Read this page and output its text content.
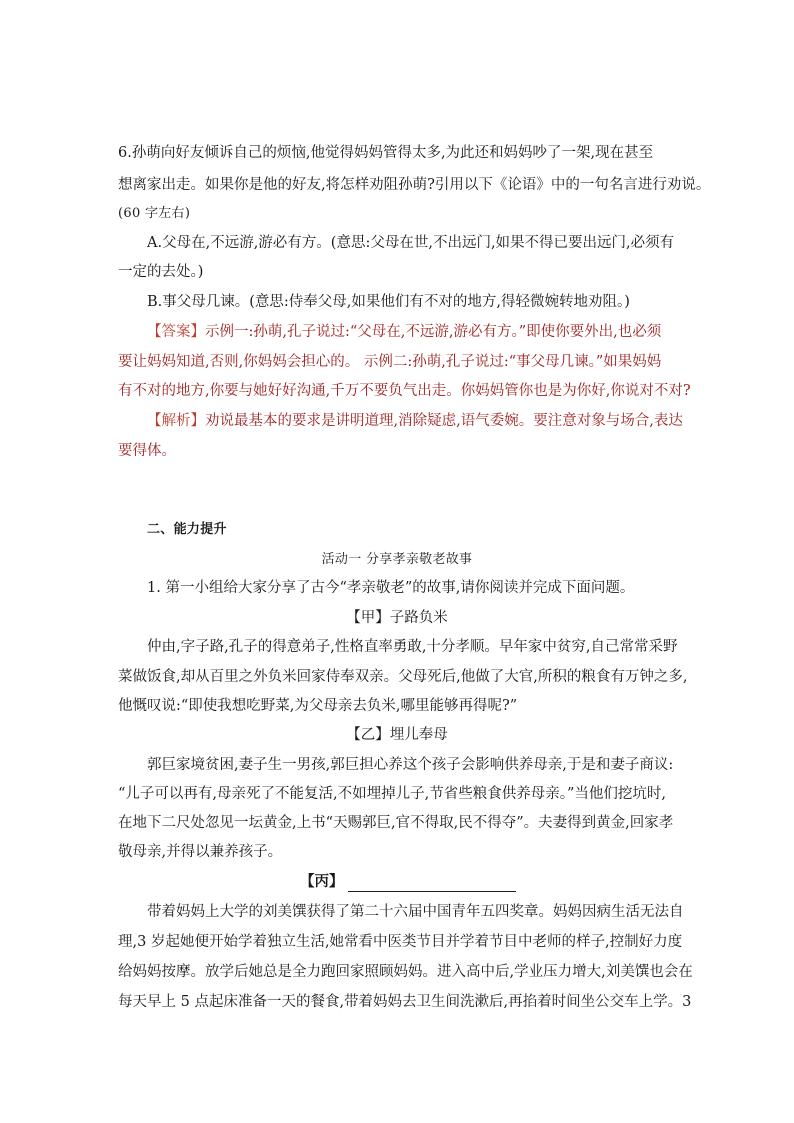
6.孙萌向好友倾诉自己的烦恼,他觉得妈妈管得太多,为此还和妈妈吵了一架,现在甚至
想离家出走。如果你是他的好友,将怎样劝阻孙萌?引用以下《论语》中的一句名言进行劝说。
(60 字左右)
A.父母在,不远游,游必有方。(意思:父母在世,不出远门,如果不得已要出远门,必须有
一定的去处。)
B.事父母几谏。(意思:侍奉父母,如果他们有不对的地方,得轻微婉转地劝阻。)
【答案】示例一:孙萌,孔子说过:“父母在,不远游,游必有方。”即使你要外出,也必须
要让妈妈知道,否则,你妈妈会担心的。 示例二:孙萌,孔子说过:“事父母几谏。”如果妈妈
有不对的地方,你要与她好好沟通,千万不要负气出走。你妈妈管你也是为你好,你说对不对?
【解析】劝说最基本的要求是讲明道理,消除疑虑,语气委婉。要注意对象与场合,表达
要得体。
二、能力提升
活动一 分享孝亲敬老故事
1. 第一小组给大家分享了古今“孝亲敬老”的故事,请你阅读并完成下面问题。
【甲】子路负米
仲由,字子路,孔子的得意弟子,性格直率勇敢,十分孝顺。早年家中贫穷,自己常常采野
菜做饭食,却从百里之外负米回家侍奉双亲。父母死后,他做了大官,所积的粮食有万钟之多,
他慨叹说:“即使我想吃野菜,为父母亲去负米,哪里能够再得呢?”
【乙】埋儿奉母
郭巨家境贫困,妻子生一男孩,郭巨担心养这个孩子会影响供养母亲,于是和妻子商议:
“儿子可以再有,母亲死了不能复活,不如埋掉儿子,节省些粮食供养母亲。”当他们挖坑时,
在地下二尺处忽见一坛黄金,上书“天赐郭巨,官不得取,民不得夺”。夫妻得到黄金,回家孝
敬母亲,并得以兼养孩子。
【丙】
带着妈妈上大学的刘美馔获得了第二十六届中国青年五四奖章。妈妈因病生活无法自
理,3 岁起她便开始学着独立生活,她常看中医类节目并学着节目中老师的样子,控制好力度
给妈妈按摩。放学后她总是全力跑回家照顾妈妈。进入高中后,学业压力增大,刘美馔也会在
每天早上 5 点起床准备一天的餐食,带着妈妈去卫生间洗漱后,再掐着时间坐公交车上学。3
